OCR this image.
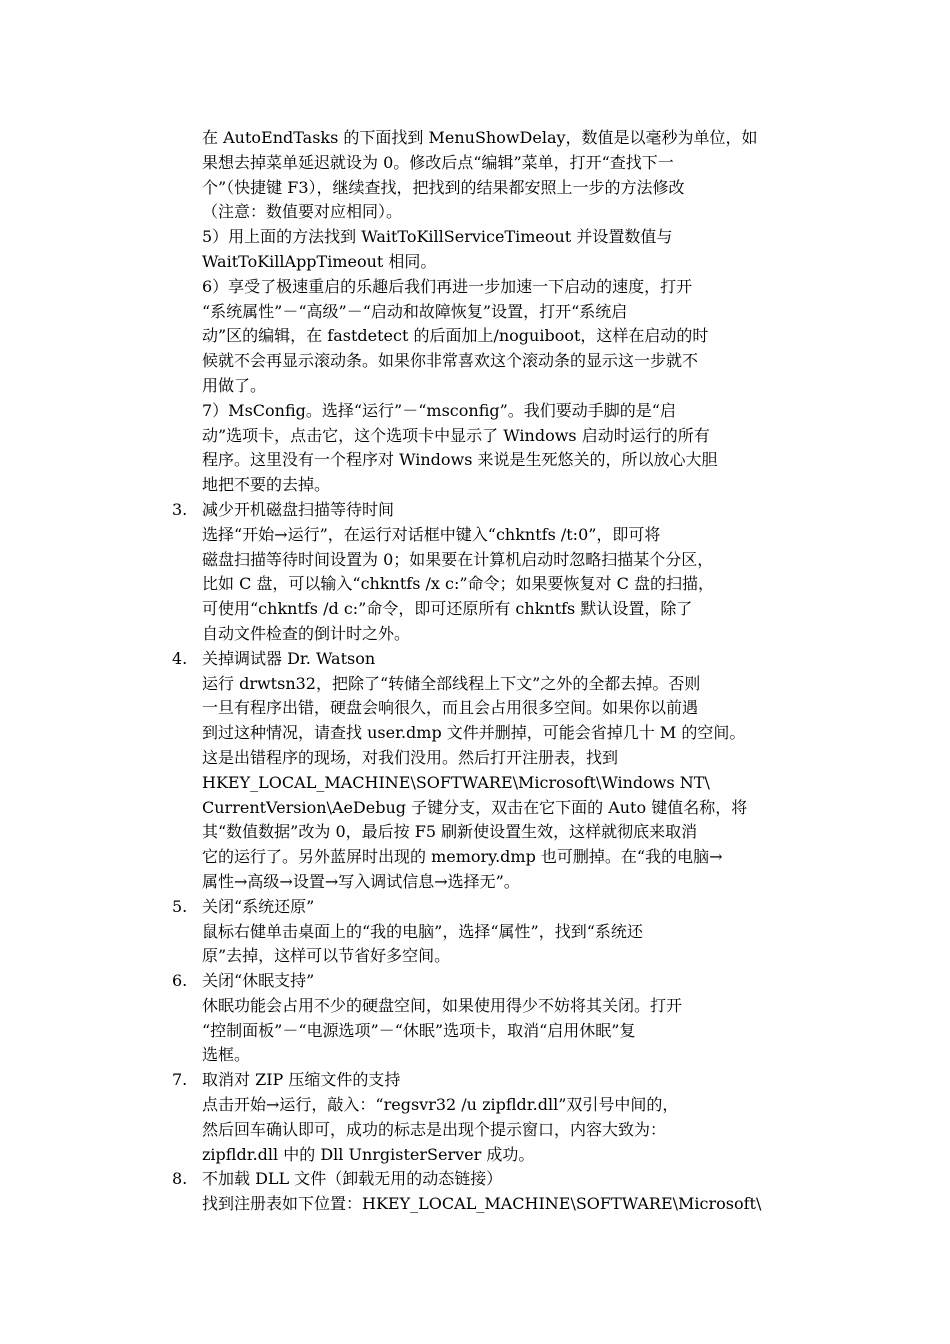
在 AutoEndTasks 的下面找到 MenuShowDelay，数值是以毫秒为单位，如
果想去掉菜单延迟就设为 0。修改后点“编辑”菜单，打开“查找下一
个”（快捷键 F3），继续查找，把找到的结果都安照上一步的方法修改
（注意：数值要对应相同）。
5）用上面的方法找到 WaitToKillServiceTimeout 并设置数值与
WaitToKillAppTimeout 相同。
6）享受了极速重启的乐趣后我们再进一步加速一下启动的速度，打开
“系统属性”－“高级”－“启动和故障恢复”设置，打开“系统启
动”区的编辑，在 fastdetect 的后面加上/noguiboot，这样在启动的时
候就不会再显示滚动条。如果你非常喜欢这个滚动条的显示这一步就不
用做了。
7）MsConfig。选择“运行”－“msconfig”。我们要动手脚的是“启
动”选项卡，点击它，这个选项卡中显示了 Windows 启动时运行的所有
程序。这里没有一个程序对 Windows 来说是生死悠关的，所以放心大胆
地把不要的去掉。
3. 减少开机磁盘扫描等待时间
选择“开始→运行”，在运行对话框中键入“chkntfs /t:0”，即可将
磁盘扫描等待时间设置为 0；如果要在计算机启动时忽略扫描某个分区，
比如 C 盘，可以输入“chkntfs /x c:”命令；如果要恢复对 C 盘的扫描，
可使用“chkntfs /d c:”命令，即可还原所有 chkntfs 默认设置，除了
自动文件检查的倒计时之外。
4. 关掉调试器 Dr. Watson
运行 drwtsn32，把除了“转储全部线程上下文”之外的全都去掉。否则
一旦有程序出错，硬盘会响很久，而且会占用很多空间。如果你以前遇
到过这种情况，请查找 user.dmp 文件并删掉，可能会省掉几十 M 的空间。
这是出错程序的现场，对我们没用。然后打开注册表，找到
HKEY_LOCAL_MACHINE\SOFTWARE\Microsoft\Windows NT\
CurrentVersion\AeDebug 子键分支，双击在它下面的 Auto 键值名称，将
其“数值数据”改为 0，最后按 F5 刷新使设置生效，这样就彻底来取消
它的运行了。另外蓝屏时出现的 memory.dmp 也可删掉。在“我的电脑→
属性→高级→设置→写入调试信息→选择无”。
5. 关闭“系统还原”
鼠标右健单击桌面上的“我的电脑”，选择“属性”，找到“系统还
原”去掉，这样可以节省好多空间。
6. 关闭“休眠支持”
休眠功能会占用不少的硬盘空间，如果使用得少不妨将其关闭。打开
“控制面板”－“电源选项”－“休眠”选项卡，取消“启用休眠”复
选框。
7. 取消对 ZIP 压缩文件的支持
点击开始→运行，敲入：“regsvr32 /u zipfldr.dll”双引号中间的，
然后回车确认即可，成功的标志是出现个提示窗口，内容大致为：
zipfldr.dll 中的 Dll UnrgisterServer 成功。
8. 不加载 DLL 文件（卸载无用的动态链接）
找到注册表如下位置：HKEY_LOCAL_MACHINE\SOFTWARE\Microsoft\
